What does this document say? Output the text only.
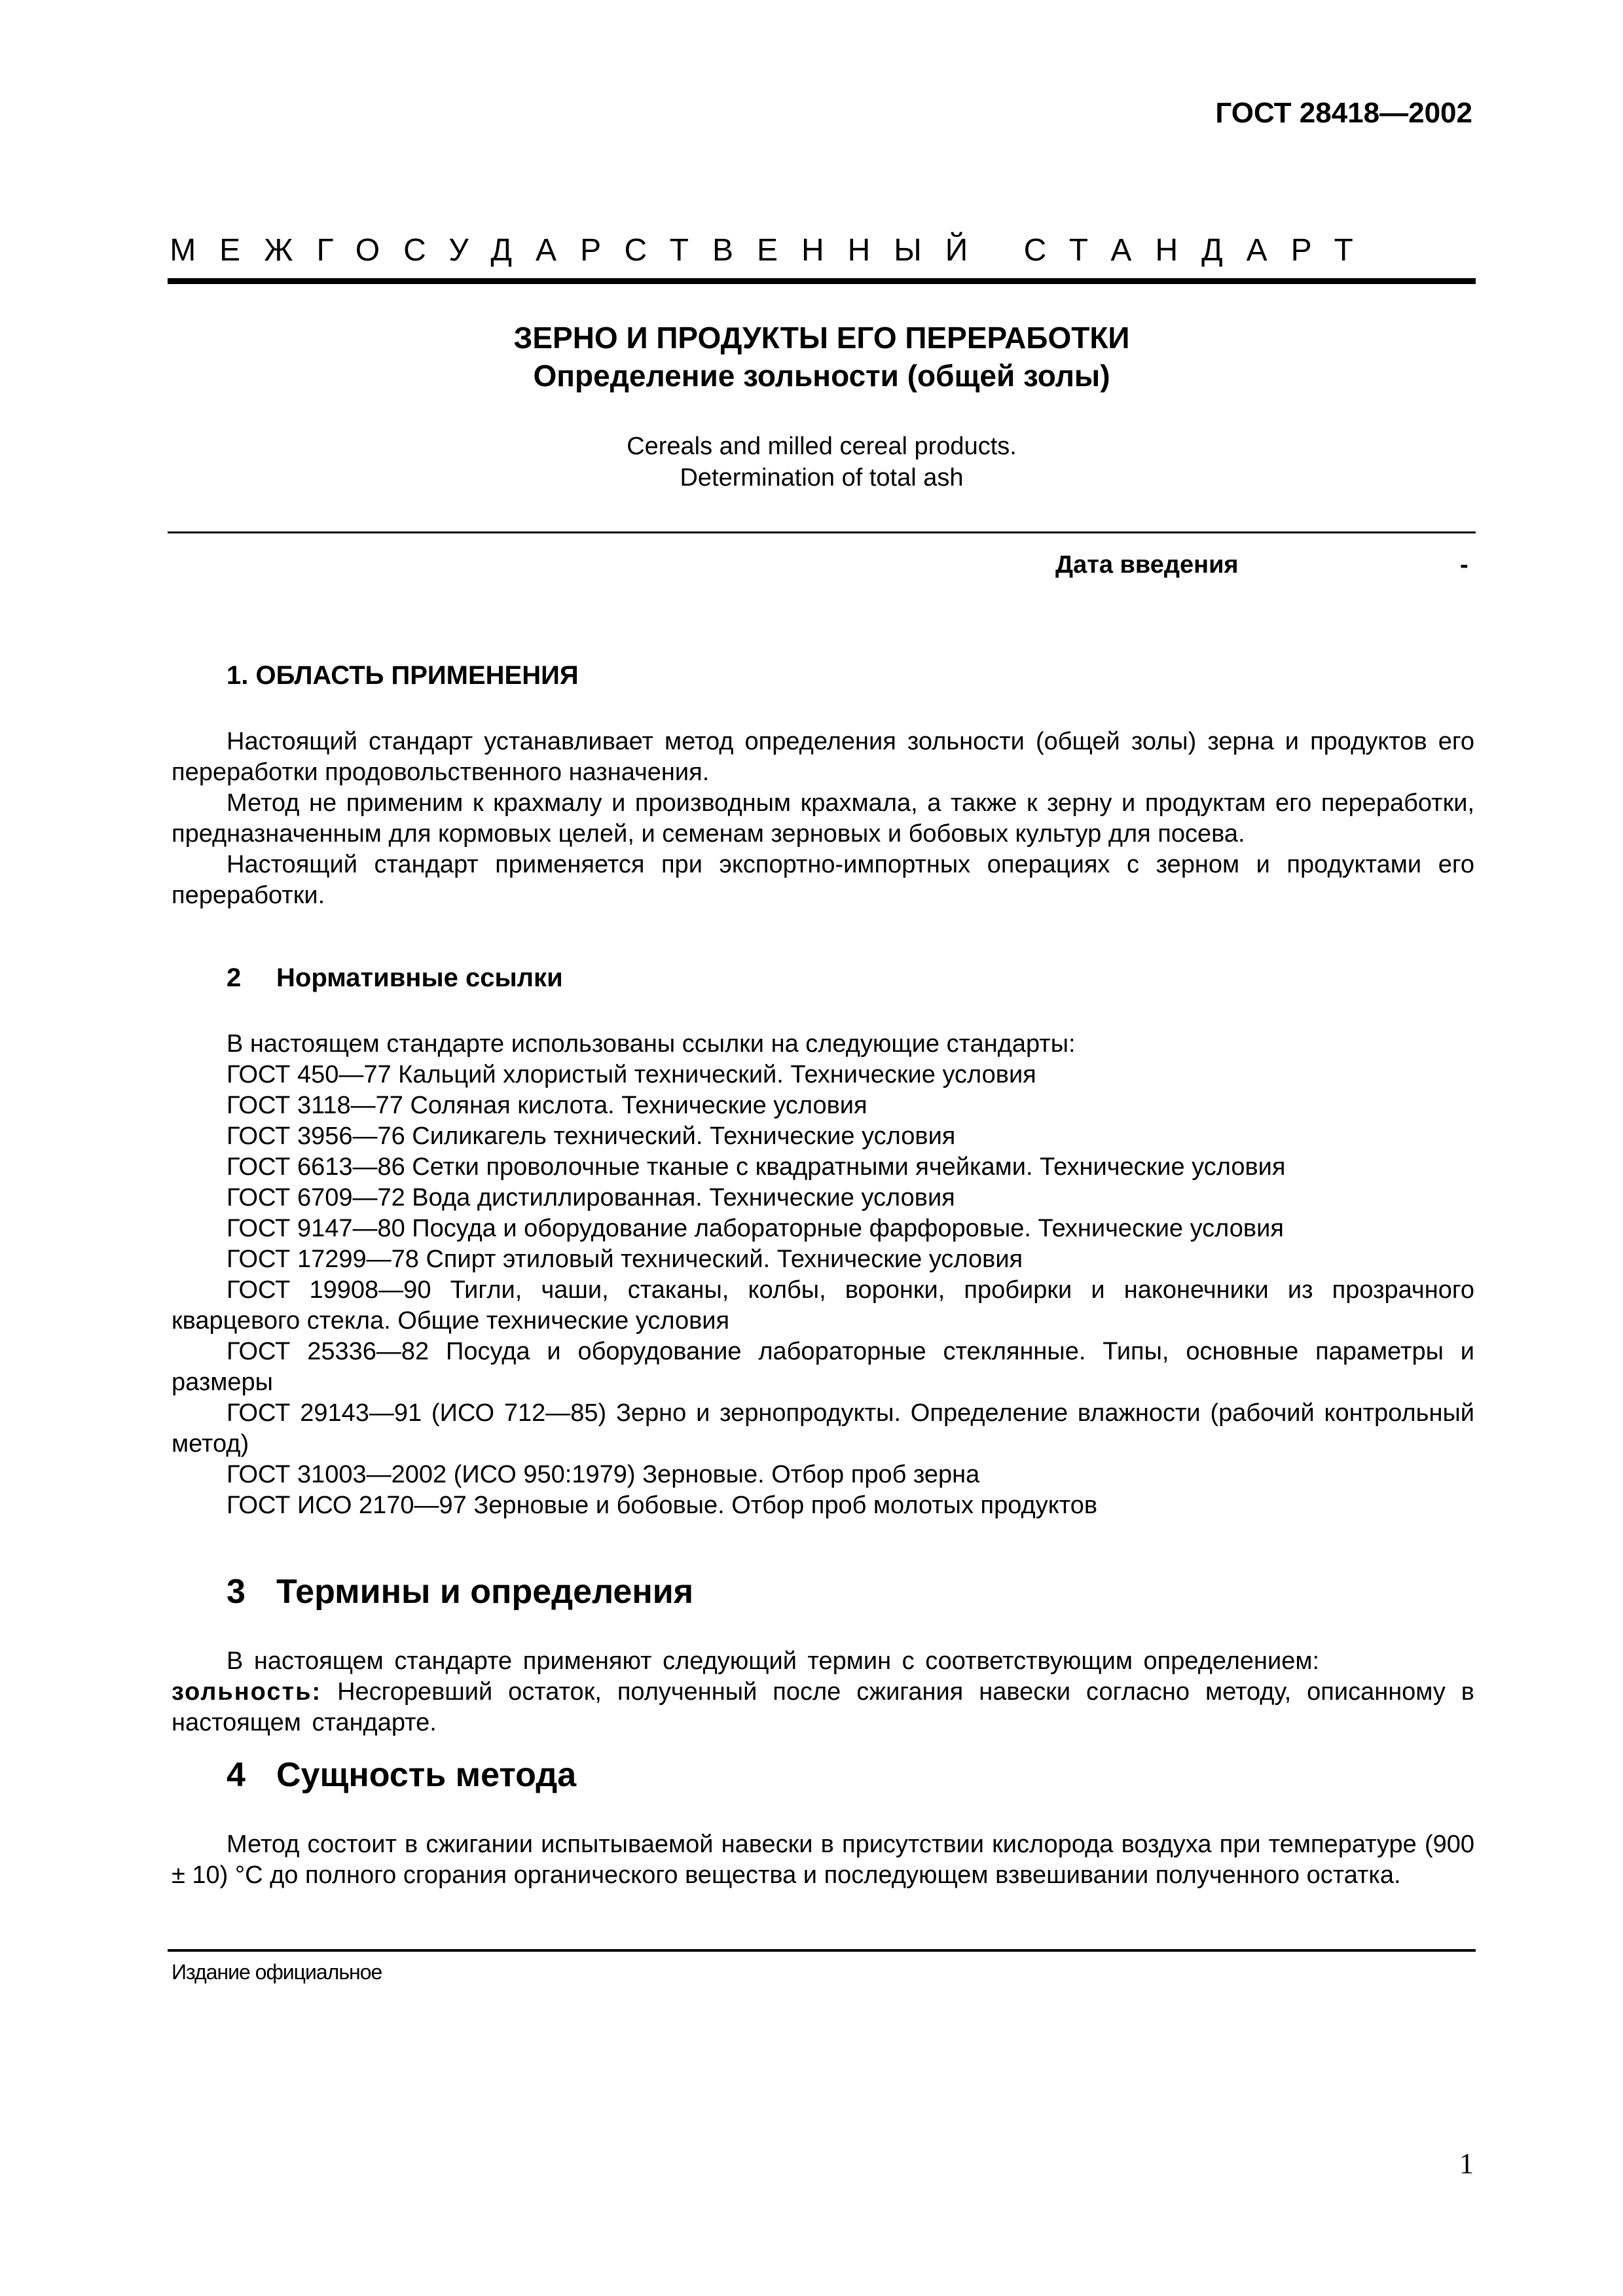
ГОСТ 28418—2002
МЕЖГОСУДАРСТВЕННЫЙ СТАНДАРТ
ЗЕРНО И ПРОДУКТЫ ЕГО ПЕРЕРАБОТКИ
Определение зольности (общей золы)
Cereals and milled cereal products.
Determination of total ash
Дата введения	-
1. ОБЛАСТЬ ПРИМЕНЕНИЯ

Настоящий стандарт устанавливает метод определения зольности (общей золы) зерна и продуктов его переработки продовольственного назначения.

Метод не применим к крахмалу и производным крахмала, а также к зерну и продуктам его переработки, предназначенным для кормовых целей, и семенам зерновых и бобовых культур для посева.

Настоящий стандарт применяется при экспортно-импортных операциях с зерном и продуктами его переработки.

2 Нормативные ссылки
В настоящем стандарте использованы ссылки на следующие стандарты:
ГОСТ 450—77 Кальций хлористый технический. Технические условия
ГОСТ 3118—77 Соляная кислота. Технические условия
ГОСТ 3956—76 Силикагель технический. Технические условия
ГОСТ 6613—86 Сетки проволочные тканые с квадратными ячейками. Технические условия
ГОСТ 6709—72 Вода дистиллированная. Технические условия
ГОСТ 9147—80 Посуда и оборудование лабораторные фарфоровые. Технические условия
ГОСТ 17299—78 Спирт этиловый технический. Технические условия
ГОСТ 19908—90 Тигли, чаши, стаканы, колбы, воронки, пробирки и наконечники из прозрачного кварцевого стекла. Общие технические условия
ГОСТ 25336—82 Посуда и оборудование лабораторные стеклянные. Типы, основные параметры и размеры
ГОСТ 29143—91 (ИСО 712—85) Зерно и зернопродукты. Определение влажности (рабочий контрольный метод)
ГОСТ 31003—2002 (ИСО 950:1979) Зерновые. Отбор проб зерна
ГОСТ ИСО 2170—97 Зерновые и бобовые. Отбор проб молотых продуктов
3 Термины и определения

В настоящем стандарте применяют следующий термин с соответствующим определением:

зольность: Несгоревший остаток, полученный после сжигания навески согласно методу, описанному в настоящем стандарте.
4 Сущность метода

Метод состоит в сжигании испытываемой навески в присутствии кислорода воздуха при температуре (900 ± 10) °С до полного сгорания органического вещества и последующем взвешивании полученного остатка.

Издание официальное
1
